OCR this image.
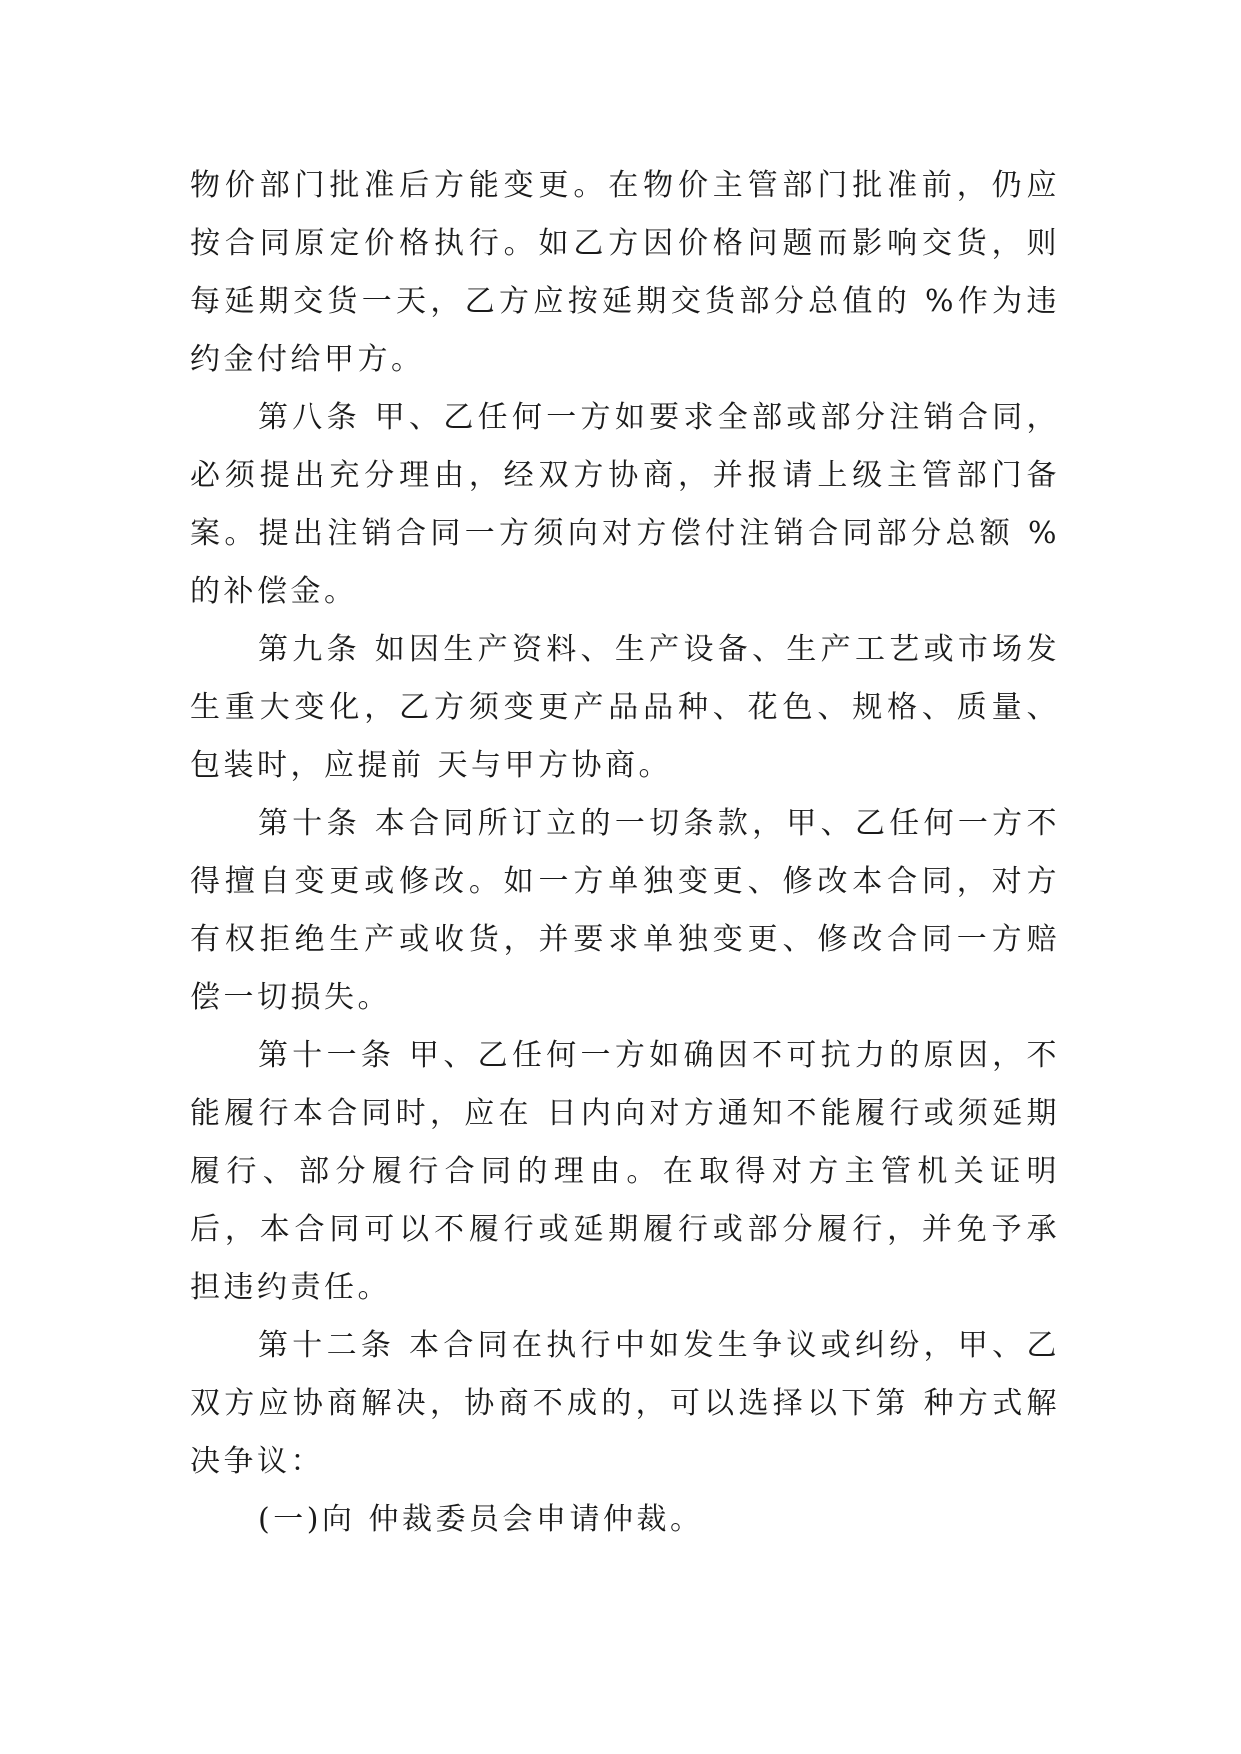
物价部门批准后方能变更。在物价主管部门批准前，仍应按合同原定价格执行。如乙方因价格问题而影响交货，则每延期交货一天，乙方应按延期交货部分总值的 %作为违约金付给甲方。

第八条 甲、乙任何一方如要求全部或部分注销合同，必须提出充分理由，经双方协商，并报请上级主管部门备案。提出注销合同一方须向对方偿付注销合同部分总额 %的补偿金。

第九条 如因生产资料、生产设备、生产工艺或市场发生重大变化，乙方须变更产品品种、花色、规格、质量、包装时，应提前 天与甲方协商。

第十条 本合同所订立的一切条款，甲、乙任何一方不得擅自变更或修改。如一方单独变更、修改本合同，对方有权拒绝生产或收货，并要求单独变更、修改合同一方赔偿一切损失。

第十一条 甲、乙任何一方如确因不可抗力的原因，不能履行本合同时，应在 日内向对方通知不能履行或须延期履行、部分履行合同的理由。在取得对方主管机关证明后，本合同可以不履行或延期履行或部分履行，并免予承担违约责任。

第十二条 本合同在执行中如发生争议或纠纷，甲、乙双方应协商解决，协商不成的，可以选择以下第 种方式解决争议：

(一)向 仲裁委员会申请仲裁。
